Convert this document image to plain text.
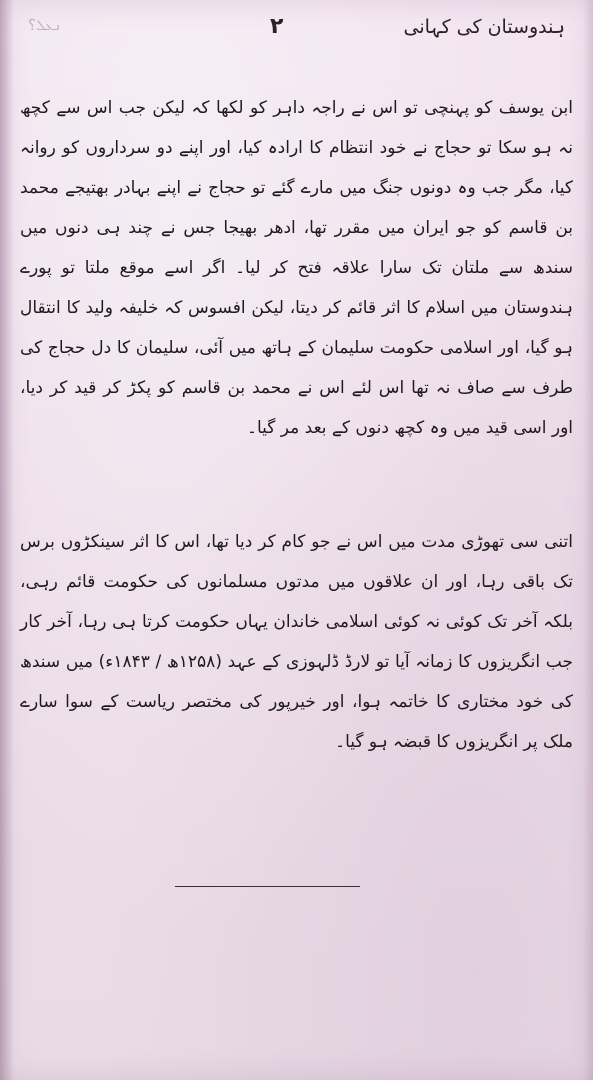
ܢܥܠ؟	۲	ہندوستان کی کہانی

ابن یوسف کو پہنچی تو اس نے راجہ داہر کو لکھا کہ لیکن جب اس سے کچھ نہ ہو سکا تو حجاج نے خود انتظام کا ارادہ کیا، اور اپنے دو سرداروں کو روانہ کیا، مگر جب وہ دونوں جنگ میں مارے گئے تو حجاج نے اپنے بہادر بھتیجے محمد بن قاسم کو جو ایران میں مقرر تھا، ادھر بھیجا جس نے چند ہی دنوں میں سندھ سے ملتان تک سارا علاقہ فتح کر لیا۔ اگر اسے موقع ملتا تو پورے ہندوستان میں اسلام کا اثر قائم کر دیتا، لیکن افسوس کہ خلیفہ ولید کا انتقال ہو گیا، اور اسلامی حکومت سلیمان کے ہاتھ میں آئی، سلیمان کا دل حجاج کی طرف سے صاف نہ تھا اس لئے اس نے محمد بن قاسم کو پکڑ کر قید کر دیا، اور اسی قید میں وہ کچھ دنوں کے بعد مر گیا۔

اتنی سی تھوڑی مدت میں اس نے جو کام کر دیا تھا، اس کا اثر سینکڑوں برس تک باقی رہا، اور ان علاقوں میں مدتوں مسلمانوں کی حکومت قائم رہی، بلکہ آخر تک کوئی نہ کوئی اسلامی خاندان یہاں حکومت کرتا ہی رہا، آخر کار جب انگریزوں کا زمانہ آیا تو لارڈ ڈلہوزی کے عہد (۱۲۵۸ھ / ۱۸۴۳ء) میں سندھ کی خود مختاری کا خاتمہ ہوا، اور خیرپور کی مختصر ریاست کے سوا سارے ملک پر انگریزوں کا قبضہ ہو گیا۔
